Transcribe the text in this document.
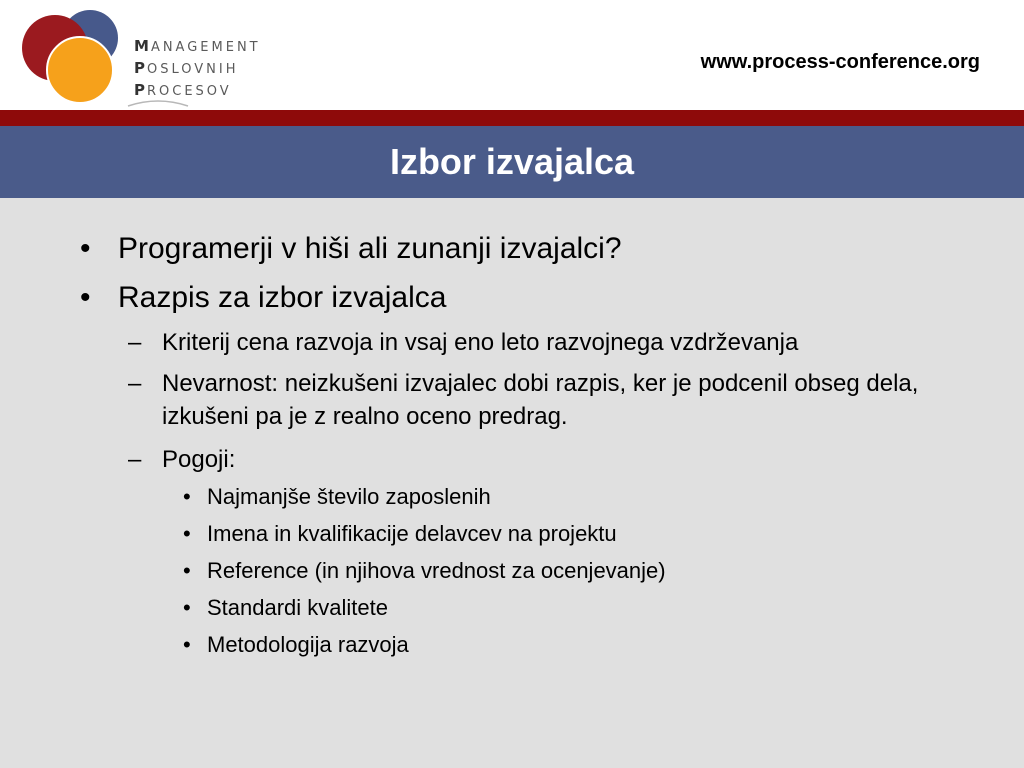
MANAGEMENT
POSLOVNIH
PROCESOV
www.process-conference.org
Izbor izvajalca
• Programerji v hiši ali zunanji izvajalci?
• Razpis za izbor izvajalca
– Kriterij cena razvoja in vsaj eno leto razvojnega vzdrževanja
– Nevarnost: neizkušeni izvajalec dobi razpis, ker je podcenil obseg dela, izkušeni pa je z realno oceno predrag.
– Pogoji:
• Najmanjše število zaposlenih
• Imena in kvalifikacije delavcev na projektu
• Reference (in njihova vrednost za ocenjevanje)
• Standardi kvalitete
• Metodologija razvoja
